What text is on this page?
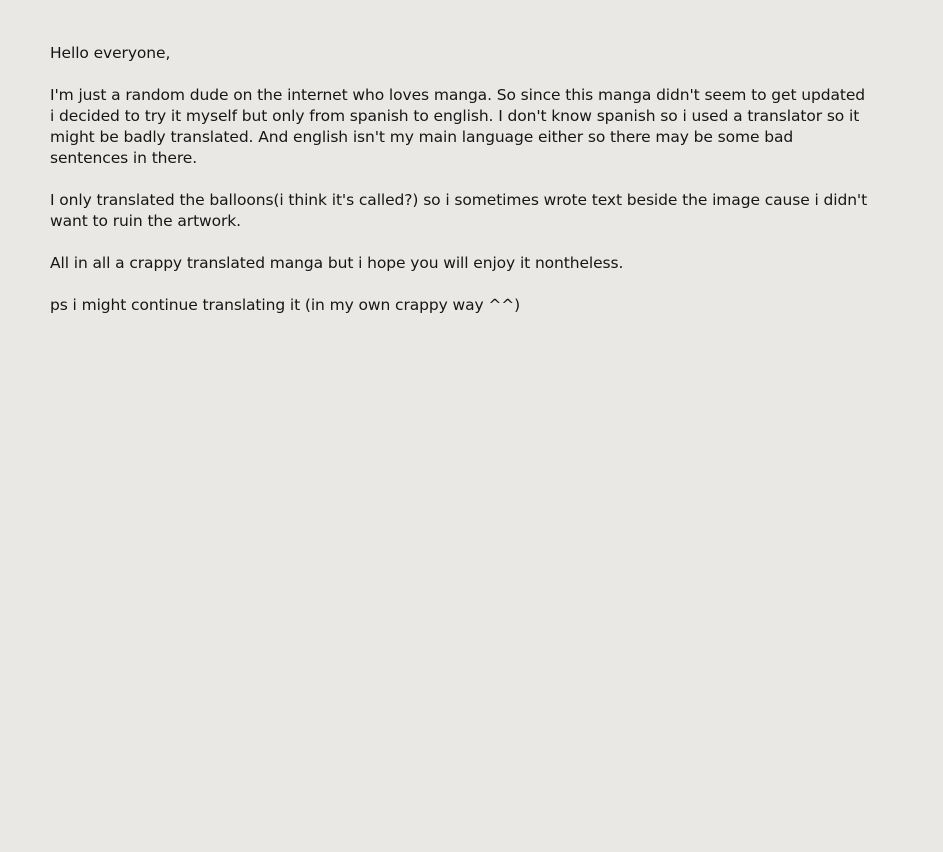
Hello everyone,

I'm just a random dude on the internet who loves manga. So since this manga didn't seem to get updated i decided to try it myself but only from spanish to english. I don't know spanish so i used a translator so it might be badly translated. And english isn't my main language either so there may be some bad sentences in there.

I only translated the balloons(i think it's called?) so i sometimes wrote text beside the image cause i didn't want to ruin the artwork.

All in all a crappy translated manga but i hope you will enjoy it nontheless.

ps i might continue translating it (in my own crappy way ^^)
